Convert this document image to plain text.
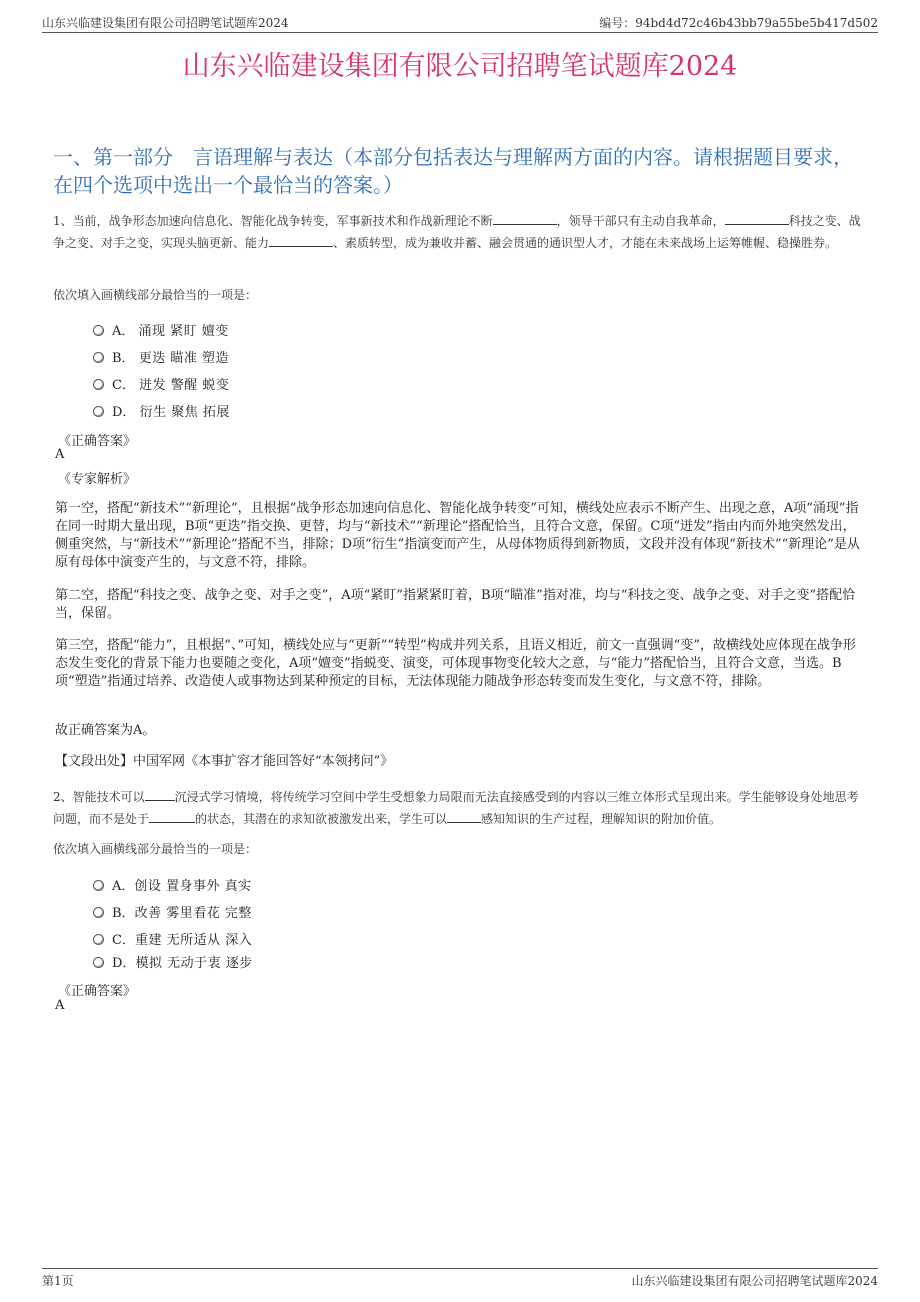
山东兴临建设集团有限公司招聘笔试题库2024	编号：94bd4d72c46b43bb79a55be5b417d502
山东兴临建设集团有限公司招聘笔试题库2024
一、第一部分　言语理解与表达（本部分包括表达与理解两方面的内容。请根据题目要求，在四个选项中选出一个最恰当的答案。）
1、当前，战争形态加速向信息化、智能化战争转变，军事新技术和作战新理论不断	，领导干部只有主动自我革命，	科技之变、战争之变、对手之变，实现头脑更新、能力	、素质转型，成为兼收并蓄、融会贯通的通识型人才，才能在未来战场上运筹帷幄、稳操胜券。
依次填入画横线部分最恰当的一项是：
A． 涌现 紧盯 嬗变
B． 更迭 瞄准 塑造
C． 迸发 警醒 蜕变
D． 衍生 聚焦 拓展
《正确答案》
A
《专家解析》
第一空，搭配“新技术”“新理论”，且根据“战争形态加速向信息化、智能化战争转变”可知，横线处应表示不断产生、出现之意，A项“涌现”指在同一时期大量出现，B项“更迭”指交换、更替，均与“新技术”“新理论”搭配恰当，且符合文意，保留。C项“迸发”指由内而外地突然发出，侧重突然，与“新技术”“新理论”搭配不当，排除；D项“衍生”指演变而产生，从母体物质得到新物质，文段并没有体现“新技术”“新理论”是从原有母体中演变产生的，与文意不符，排除。
第二空，搭配“科技之变、战争之变、对手之变”，A项“紧盯”指紧紧盯着，B项“瞄准”指对准，均与“科技之变、战争之变、对手之变”搭配恰当，保留。
第三空，搭配“能力”，且根据“、”可知，横线处应与“更新”“转型”构成并列关系，且语义相近，前文一直强调“变”，故横线处应体现在战争形态发生变化的背景下能力也要随之变化，A项“嬗变”指蜕变、演变，可体现事物变化较大之意，与“能力”搭配恰当，且符合文意，当选。B项“塑造”指通过培养、改造使人或事物达到某种预定的目标，无法体现能力随战争形态转变而发生变化，与文意不符，排除。
故正确答案为A。
【文段出处】中国军网《本事扩容才能回答好“本领拷问”》
2、智能技术可以	沉浸式学习情境，将传统学习空间中学生受想象力局限而无法直接感受到的内容以三维立体形式呈现出来。学生能够设身处地思考问题，而不是处于	的状态，其潜在的求知欲被激发出来，学生可以	感知知识的生产过程，理解知识的附加价值。
依次填入画横线部分最恰当的一项是：
A．创设 置身事外 真实
B．改善 雾里看花 完整
C．重建 无所适从 深入
D．模拟 无动于衷 逐步
《正确答案》
A
第1页	山东兴临建设集团有限公司招聘笔试题库2024
